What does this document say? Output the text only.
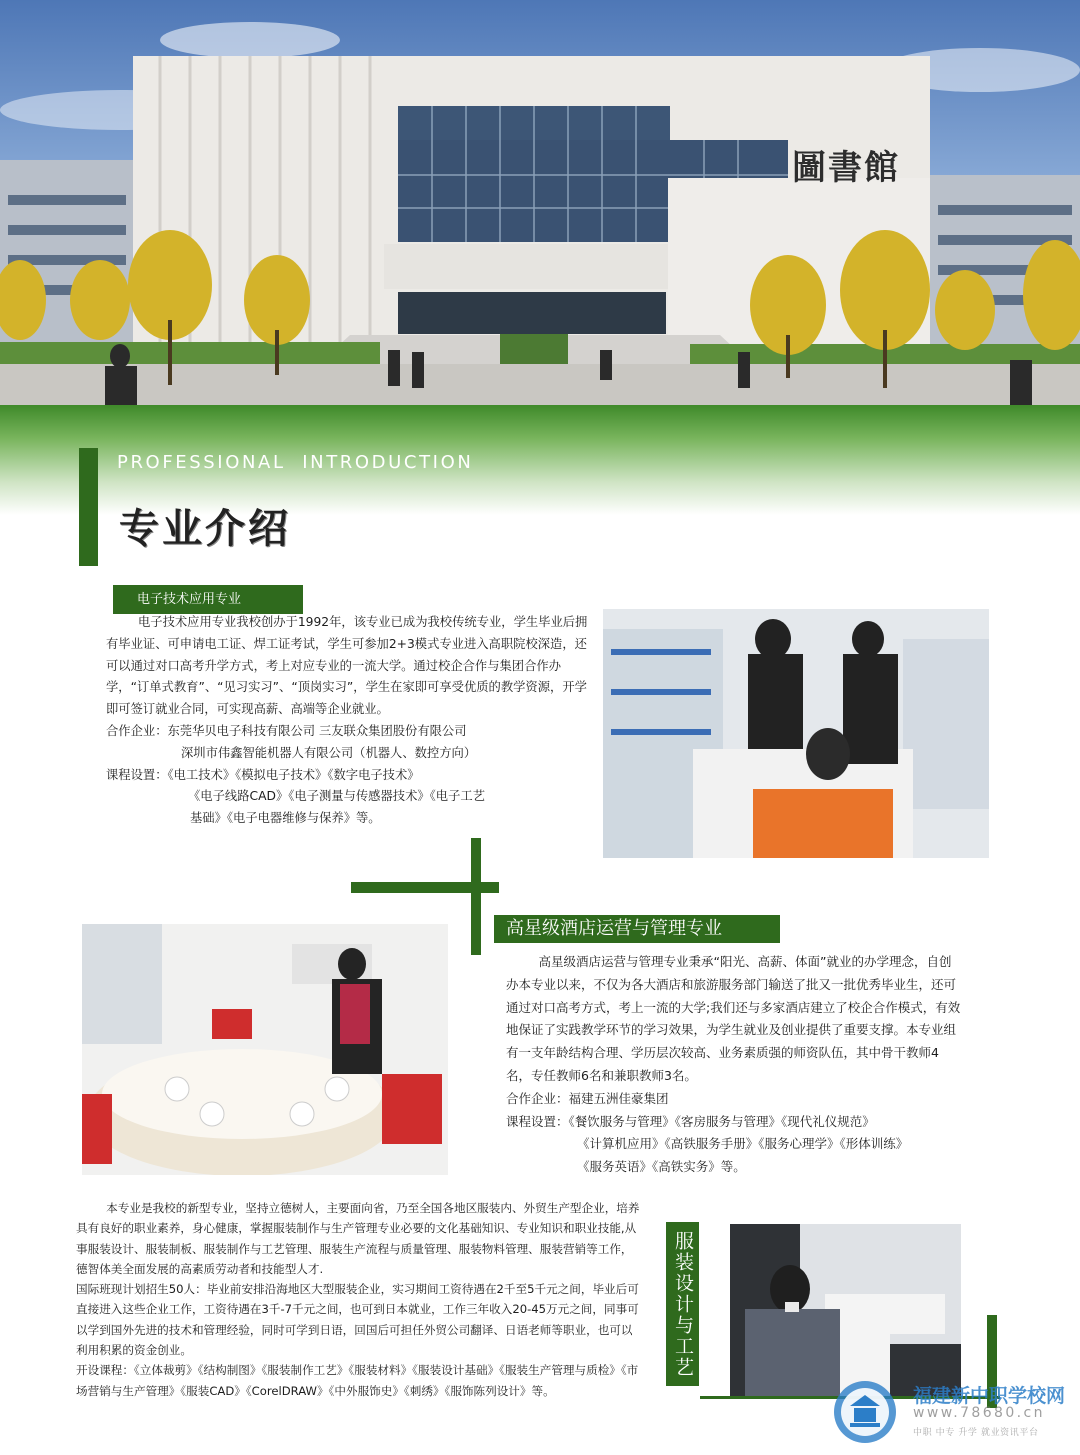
圖書館
PROFESSIONAL  INTRODUCTION
专业介绍
电子技术应用专业

电子技术应用专业我校创办于1992年，该专业已成为我校传统专业，学生毕业后拥有毕业证、可申请电工证、焊工证考试，学生可参加2+3模式专业进入高职院校深造，还可以通过对口高考升学方式，考上对应专业的一流大学。通过校企合作与集团合作办学，“订单式教育”、“见习实习”、“顶岗实习”，学生在家即可享受优质的教学资源，开学即可签订就业合同，可实现高薪、高端等企业就业。

合作企业：东莞华贝电子科技有限公司 三友联众集团股份有限公司

深圳市伟鑫智能机器人有限公司（机器人、数控方向）

课程设置：《电工技术》《模拟电子技术》《数字电子技术》

《电子线路CAD》《电子测量与传感器技术》《电子工艺

基础》《电子电器维修与保养》等。

高星级酒店运营与管理专业

高星级酒店运营与管理专业秉承“阳光、高薪、体面”就业的办学理念，自创办本专业以来，不仅为各大酒店和旅游服务部门输送了批又一批优秀毕业生，还可通过对口高考方式，考上一流的大学;我们还与多家酒店建立了校企合作模式，有效地保证了实践教学环节的学习效果，为学生就业及创业提供了重要支撑。本专业组有一支年龄结构合理、学历层次较高、业务素质强的师资队伍，其中骨干教师4名，专任教师6名和兼职教师3名。

合作企业：福建五洲佳豪集团

课程设置：《餐饮服务与管理》《客房服务与管理》《现代礼仪规范》

《计算机应用》《高铁服务手册》《服务心理学》《形体训练》

《服务英语》《高铁实务》等。

本专业是我校的新型专业，坚持立德树人，主要面向省，乃至全国各地区服装内、外贸生产型企业，培养具有良好的职业素养，身心健康，掌握服装制作与生产管理专业必要的文化基础知识、专业知识和职业技能,从事服装设计、服装制板、服装制作与工艺管理、服装生产流程与质量管理、服装物料管理、服装营销等工作，德智体美全面发展的高素质劳动者和技能型人才.

国际班现计划招生50人：毕业前安排沿海地区大型服装企业，实习期间工资待遇在2千至5千元之间，毕业后可直接进入这些企业工作，工资待遇在3千-7千元之间，也可到日本就业，工作三年收入20-45万元之间，同事可以学到国外先进的技术和管理经验，同时可学到日语，回国后可担任外贸公司翻译、日语老师等职业，也可以利用积累的资金创业。

开设课程：《立体裁剪》《结构制图》《服装制作工艺》《服装材料》《服装设计基础》《服装生产管理与质检》《市场营销与生产管理》《服装CAD》《CorelDRAW》《中外服饰史》《刺绣》《服饰陈列设计》等。

服装设计与工艺
福建新中职学校网
www.78680.cn
中职 中专 升学 就业资讯平台
